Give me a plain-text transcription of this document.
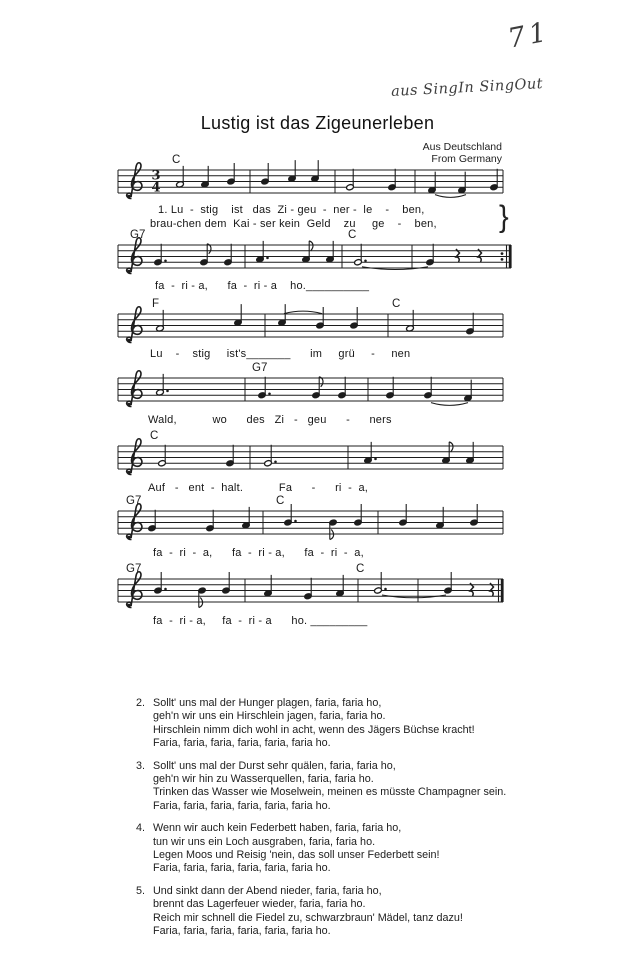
71
aus SingIn SingOut
Lustig ist das Zigeunerleben
Aus Deutschland
From Germany
3
4
C
G7	C
F	C
G7
C
G7	C
G7	C
1. Lu  -  stig    ist   das  Zi - geu  -  ner -  le    -    ben,
brau-chen dem  Kai - ser kein  Geld    zu     ge    -    ben, }
fa  -  ri - a,      fa  -  ri - a    ho.__________
Lu    -    stig     ist's_______      im     grü     -     nen
Wald,           wo      des   Zi   -   geu      -      ners
Auf   -   ent  -  halt.           Fa      -      ri  -  a,
fa  -  ri  -  a,      fa  -  ri - a,      fa  -  ri  -  a,
fa  -  ri - a,     fa  -  ri - a      ho. _________
2. Sollt' uns mal der Hunger plagen, faria, faria ho,
geh'n wir uns ein Hirschlein jagen, faria, faria ho.
Hirschlein nimm dich wohl in acht, wenn des Jägers Büchse kracht!
Faria, faria, faria, faria, faria, faria ho.
3. Sollt' uns mal der Durst sehr quälen, faria, faria ho,
geh'n wir hin zu Wasserquellen, faria, faria ho.
Trinken das Wasser wie Moselwein, meinen es müsste Champagner sein.
Faria, faria, faria, faria, faria, faria ho.
4. Wenn wir auch kein Federbett haben, faria, faria ho,
tun wir uns ein Loch ausgraben, faria, faria ho.
Legen Moos und Reisig 'nein, das soll unser Federbett sein!
Faria, faria, faria, faria, faria, faria ho.
5. Und sinkt dann der Abend nieder, faria, faria ho,
brennt das Lagerfeuer wieder, faria, faria ho.
Reich mir schnell die Fiedel zu, schwarzbraun' Mädel, tanz dazu!
Faria, faria, faria, faria, faria, faria ho.
